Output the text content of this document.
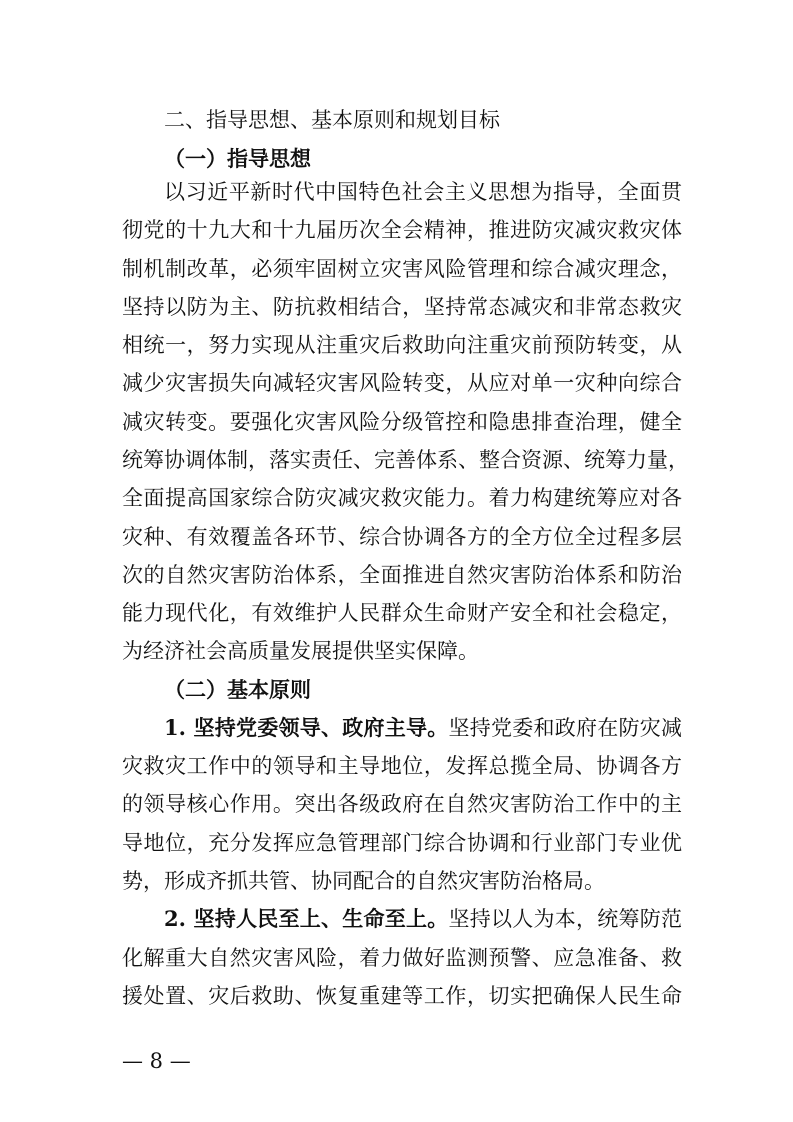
二、指导思想、基本原则和规划目标
（一）指导思想
以习近平新时代中国特色社会主义思想为指导，全面贯
彻党的十九大和十九届历次全会精神，推进防灾减灾救灾体
制机制改革，必须牢固树立灾害风险管理和综合减灾理念，
坚持以防为主、防抗救相结合，坚持常态减灾和非常态救灾
相统一，努力实现从注重灾后救助向注重灾前预防转变，从
减少灾害损失向减轻灾害风险转变，从应对单一灾种向综合
减灾转变。要强化灾害风险分级管控和隐患排查治理，健全
统筹协调体制，落实责任、完善体系、整合资源、统筹力量，
全面提高国家综合防灾减灾救灾能力。着力构建统筹应对各
灾种、有效覆盖各环节、综合协调各方的全方位全过程多层
次的自然灾害防治体系，全面推进自然灾害防治体系和防治
能力现代化，有效维护人民群众生命财产安全和社会稳定，
为经济社会高质量发展提供坚实保障。
（二）基本原则
1. 坚持党委领导、政府主导。坚持党委和政府在防灾减
灾救灾工作中的领导和主导地位，发挥总揽全局、协调各方
的领导核心作用。突出各级政府在自然灾害防治工作中的主
导地位，充分发挥应急管理部门综合协调和行业部门专业优
势，形成齐抓共管、协同配合的自然灾害防治格局。
2. 坚持人民至上、生命至上。坚持以人为本，统筹防范
化解重大自然灾害风险，着力做好监测预警、应急准备、救
援处置、灾后救助、恢复重建等工作，切实把确保人民生命
— 8 —
